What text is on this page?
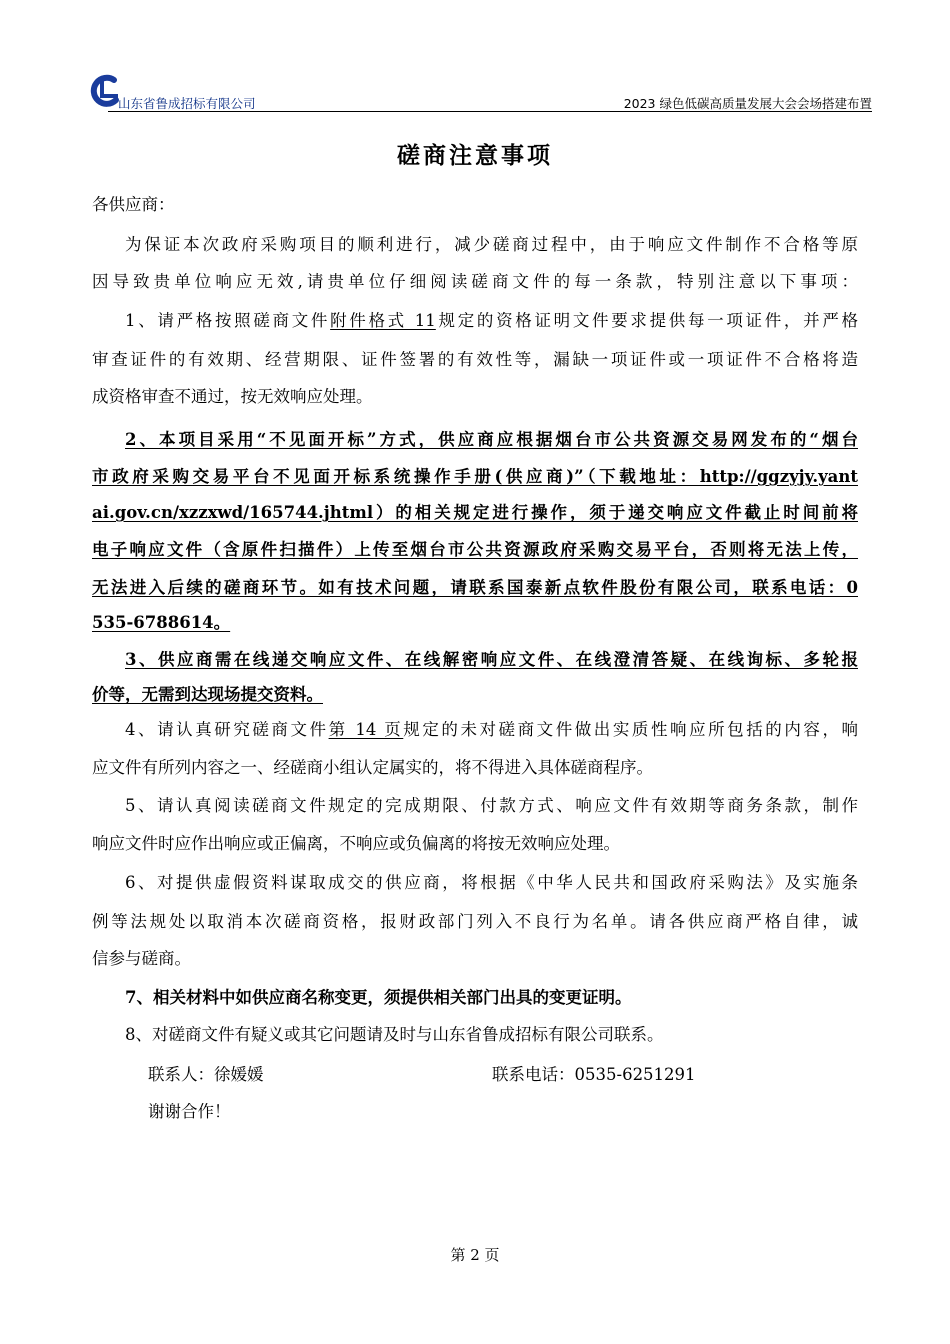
山东省鲁成招标有限公司	2023 绿色低碳高质量发展大会会场搭建布置
磋商注意事项
各供应商：
为保证本次政府采购项目的顺利进行，减少磋商过程中，由于响应文件制作不合格等原
因导致贵单位响应无效,请贵单位仔细阅读磋商文件的每一条款，特别注意以下事项：
1、请严格按照磋商文件附件格式 11规定的资格证明文件要求提供每一项证件，并严格
审查证件的有效期、经营期限、证件签署的有效性等，漏缺一项证件或一项证件不合格将造
成资格审查不通过，按无效响应处理。
2、本项目采用“不见面开标”方式，供应商应根据烟台市公共资源交易网发布的“烟台
市政府采购交易平台不见面开标系统操作手册(供应商)”（下载地址：http://ggzyjy.yant
ai.gov.cn/xzzxwd/165744.jhtml）的相关规定进行操作，须于递交响应文件截止时间前将
电子响应文件（含原件扫描件）上传至烟台市公共资源政府采购交易平台，否则将无法上传，
无法进入后续的磋商环节。如有技术问题，请联系国泰新点软件股份有限公司，联系电话：0
535-6788614。
3、供应商需在线递交响应文件、在线解密响应文件、在线澄清答疑、在线询标、多轮报
价等，无需到达现场提交资料。
4、请认真研究磋商文件第 14 页规定的未对磋商文件做出实质性响应所包括的内容，响
应文件有所列内容之一、经磋商小组认定属实的，将不得进入具体磋商程序。
5、请认真阅读磋商文件规定的完成期限、付款方式、响应文件有效期等商务条款，制作
响应文件时应作出响应或正偏离，不响应或负偏离的将按无效响应处理。
6、对提供虚假资料谋取成交的供应商，将根据《中华人民共和国政府采购法》及实施条
例等法规处以取消本次磋商资格，报财政部门列入不良行为名单。请各供应商严格自律，诚
信参与磋商。
7、相关材料中如供应商名称变更，须提供相关部门出具的变更证明。
8、对磋商文件有疑义或其它问题请及时与山东省鲁成招标有限公司联系。
联系人：徐媛媛	联系电话：0535-6251291
谢谢合作！
第 2 页
